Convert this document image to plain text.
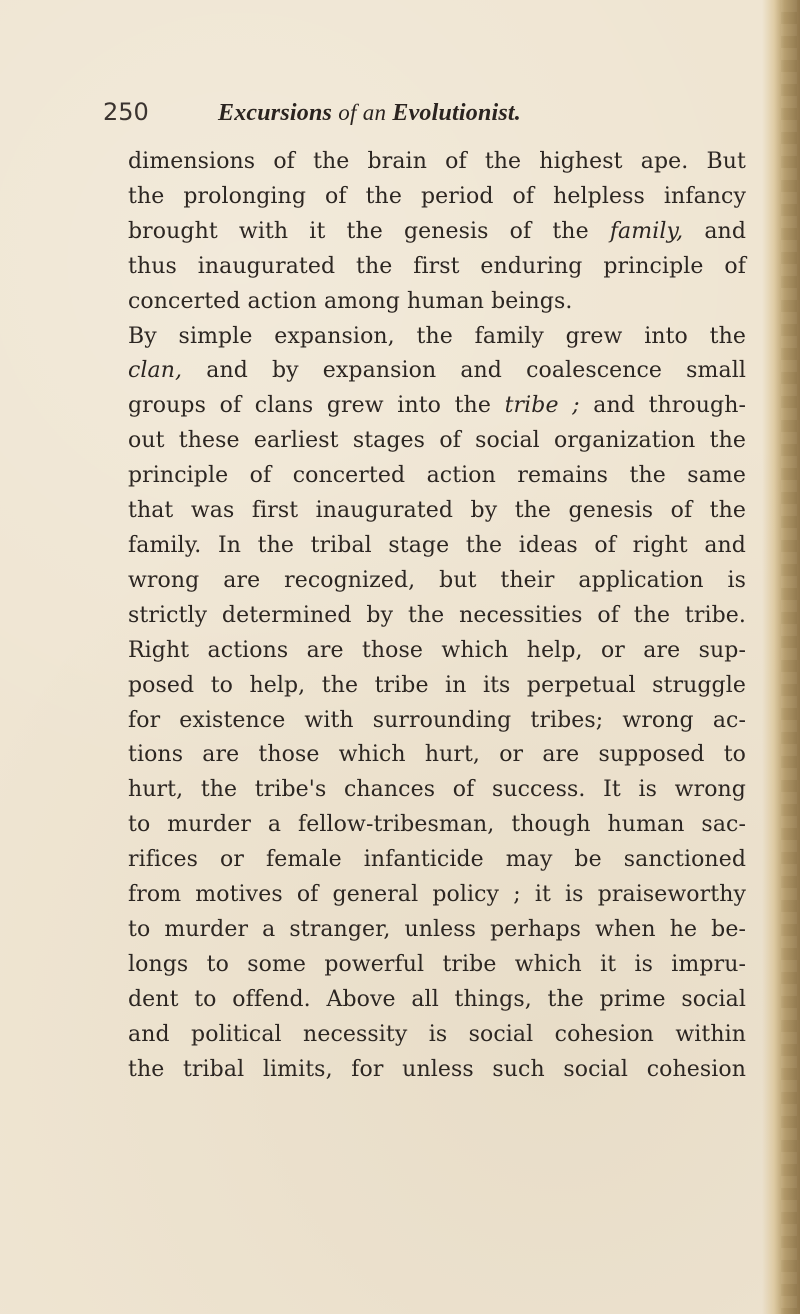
250	Excursions of an Evolutionist.
dimensions of the brain of the highest ape. But
the prolonging of the period of helpless infancy
brought with it the genesis of the family, and
thus inaugurated the first enduring principle of
concerted action among human beings.
By simple expansion, the family grew into the
clan, and by expansion and coalescence small
groups of clans grew into the tribe ; and through-
out these earliest stages of social organization the
principle of concerted action remains the same
that was first inaugurated by the genesis of the
family. In the tribal stage the ideas of right and
wrong are recognized, but their application is
strictly determined by the necessities of the tribe.
Right actions are those which help, or are sup-
posed to help, the tribe in its perpetual struggle
for existence with surrounding tribes; wrong ac-
tions are those which hurt, or are supposed to
hurt, the tribe's chances of success. It is wrong
to murder a fellow-tribesman, though human sac-
rifices or female infanticide may be sanctioned
from motives of general policy ; it is praiseworthy
to murder a stranger, unless perhaps when he be-
longs to some powerful tribe which it is impru-
dent to offend. Above all things, the prime social
and political necessity is social cohesion within
the tribal limits, for unless such social cohesion
